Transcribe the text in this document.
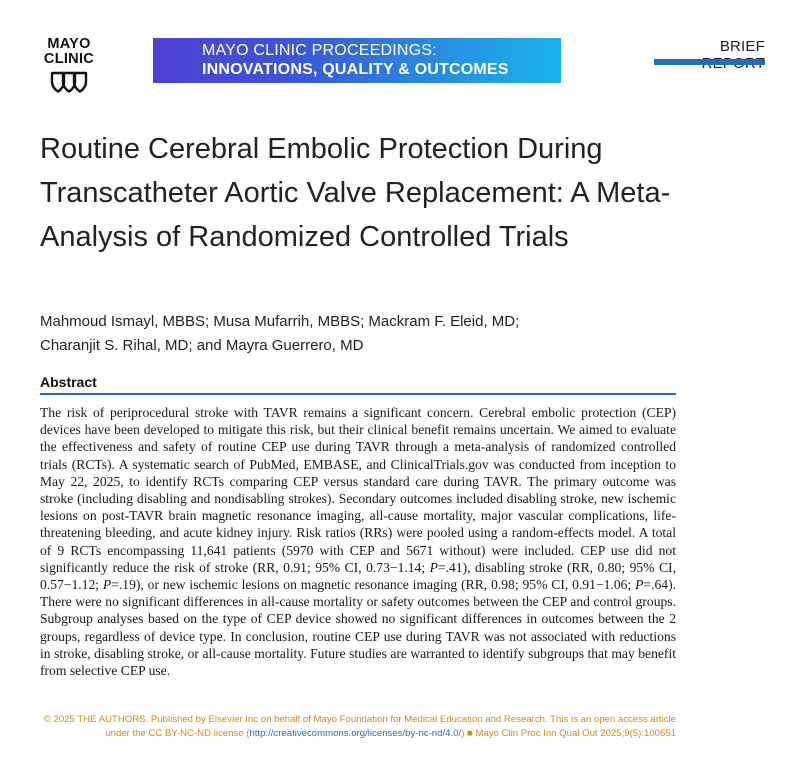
MAYO
CLINIC	MAYO CLINIC PROCEEDINGS:
INNOVATIONS, QUALITY & OUTCOMES
BRIEF
Routine Cerebral Embolic Protection During Transcatheter Aortic Valve Replacement: A Meta-Analysis of Randomized Controlled Trials
Mahmoud Ismayl, MBBS; Musa Mufarrih, MBBS; Mackram F. Eleid, MD;
Charanjit S. Rihal, MD; and Mayra Guerrero, MD
Abstract

The risk of periprocedural stroke with TAVR remains a significant concern. Cerebral embolic protection (CEP) devices have been developed to mitigate this risk, but their clinical benefit remains uncertain. We aimed to evaluate the effectiveness and safety of routine CEP use during TAVR through a meta-analysis of randomized controlled trials (RCTs). A systematic search of PubMed, EMBASE, and ClinicalTrials.gov was conducted from inception to May 22, 2025, to identify RCTs comparing CEP versus standard care during TAVR. The primary outcome was stroke (including disabling and nondisabling strokes). Secondary outcomes included disabling stroke, new ischemic lesions on post-TAVR brain magnetic resonance imaging, all-cause mortality, major vascular complications, life-threatening bleeding, and acute kidney injury. Risk ratios (RRs) were pooled using a random-effects model. A total of 9 RCTs encompassing 11,641 patients (5970 with CEP and 5671 without) were included. CEP use did not significantly reduce the risk of stroke (RR, 0.91; 95% CI, 0.73−1.14; P=.41), disabling stroke (RR, 0.80; 95% CI, 0.57−1.12; P=.19), or new ischemic lesions on magnetic resonance imaging (RR, 0.98; 95% CI, 0.91−1.06; P=.64). There were no significant differences in all-cause mortality or safety outcomes between the CEP and control groups. Subgroup analyses based on the type of CEP device showed no significant differences in outcomes between the 2 groups, regardless of device type. In conclusion, routine CEP use during TAVR was not associated with reductions in stroke, disabling stroke, or all-cause mortality. Future studies are warranted to identify subgroups that may benefit from selective CEP use.

© 2025 THE AUTHORS. Published by Elsevier Inc on behalf of Mayo Foundation for Medical Education and Research. This is an open access article
under the CC BY-NC-ND license (http://creativecommons.org/licenses/by-nc-nd/4.0/) ■ Mayo Clin Proc Inn Qual Out 2025;9(5):100651
